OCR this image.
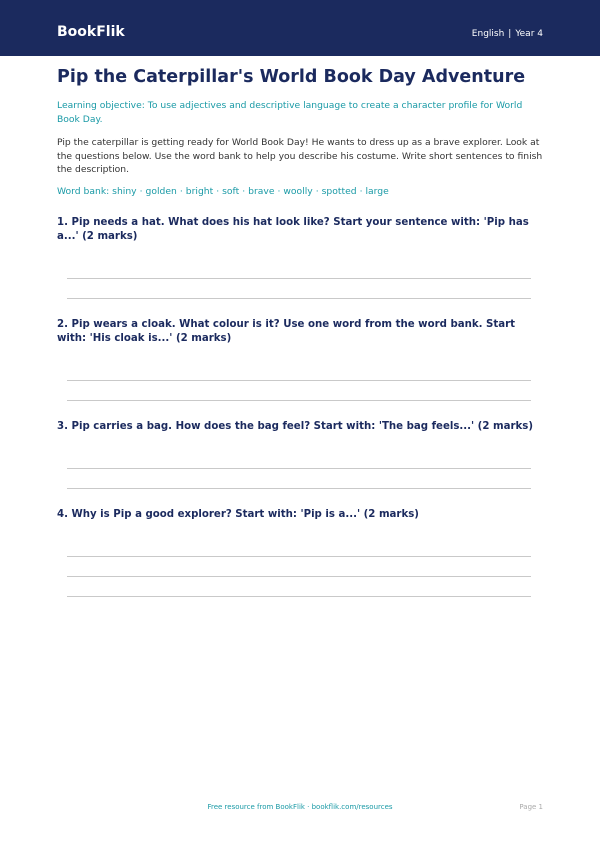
BookFlik	English | Year 4
Pip the Caterpillar's World Book Day Adventure

Learning objective: To use adjectives and descriptive language to create a character profile for World Book Day.

Pip the caterpillar is getting ready for World Book Day! He wants to dress up as a brave explorer. Look at the questions below. Use the word bank to help you describe his costume. Write short sentences to finish the description.

Word bank: shiny · golden · bright · soft · brave · woolly · spotted · large

1. Pip needs a hat. What does his hat look like? Start your sentence with: 'Pip has a...' (2 marks)

2. Pip wears a cloak. What colour is it? Use one word from the word bank. Start with: 'His cloak is...' (2 marks)

3. Pip carries a bag. How does the bag feel? Start with: 'The bag feels...' (2 marks)

4. Why is Pip a good explorer? Start with: 'Pip is a...' (2 marks)

Free resource from BookFlik · bookflik.com/resources	Page 1
